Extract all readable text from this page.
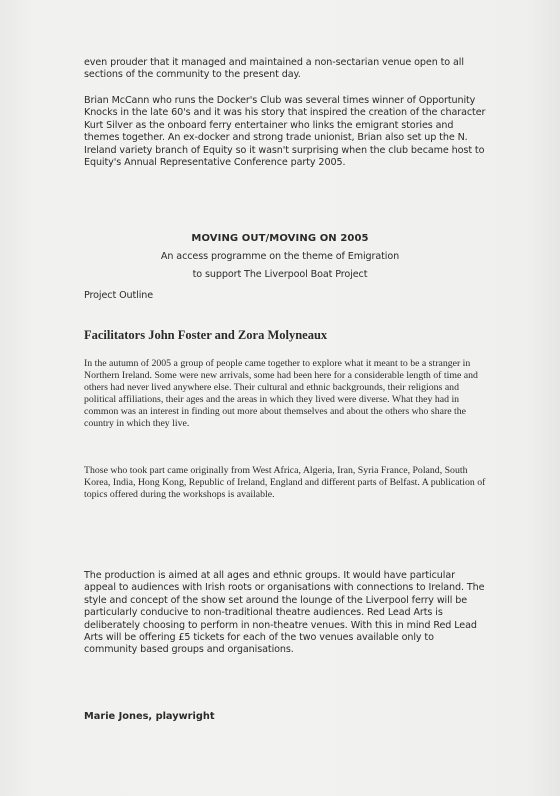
even prouder that it managed and maintained a non-sectarian venue open to all sections of the community to the present day.

Brian McCann who runs the Docker's Club was several times winner of Opportunity Knocks in the late 60's and it was his story that inspired the creation of the character Kurt Silver as the onboard ferry entertainer who links the emigrant stories and themes together. An ex-docker and strong trade unionist, Brian also set up the N. Ireland variety branch of Equity so it wasn't surprising when the club became host to Equity's Annual Representative Conference party 2005.

MOVING OUT/MOVING ON 2005

An access programme on the theme of Emigration

to support The Liverpool Boat Project

Project Outline

Facilitators John Foster and Zora Molyneaux

In the autumn of 2005 a group of people came together to explore what it meant to be a stranger in Northern Ireland. Some were new arrivals, some had been here for a considerable length of time and others had never lived anywhere else. Their cultural and ethnic backgrounds, their religions and political affiliations, their ages and the areas in which they lived were diverse. What they had in common was an interest in finding out more about themselves and about the others who share the country in which they live.

Those who took part came originally from West Africa, Algeria, Iran, Syria France, Poland, South Korea, India, Hong Kong, Republic of Ireland, England and different parts of Belfast. A publication of topics offered during the workshops is available.

The production is aimed at all ages and ethnic groups. It would have particular appeal to audiences with Irish roots or organisations with connections to Ireland. The style and concept of the show set around the lounge of the Liverpool ferry will be particularly conducive to non-traditional theatre audiences. Red Lead Arts is deliberately choosing to perform in non-theatre venues. With this in mind Red Lead Arts will be offering £5 tickets for each of the two venues available only to community based groups and organisations.

Marie Jones, playwright
